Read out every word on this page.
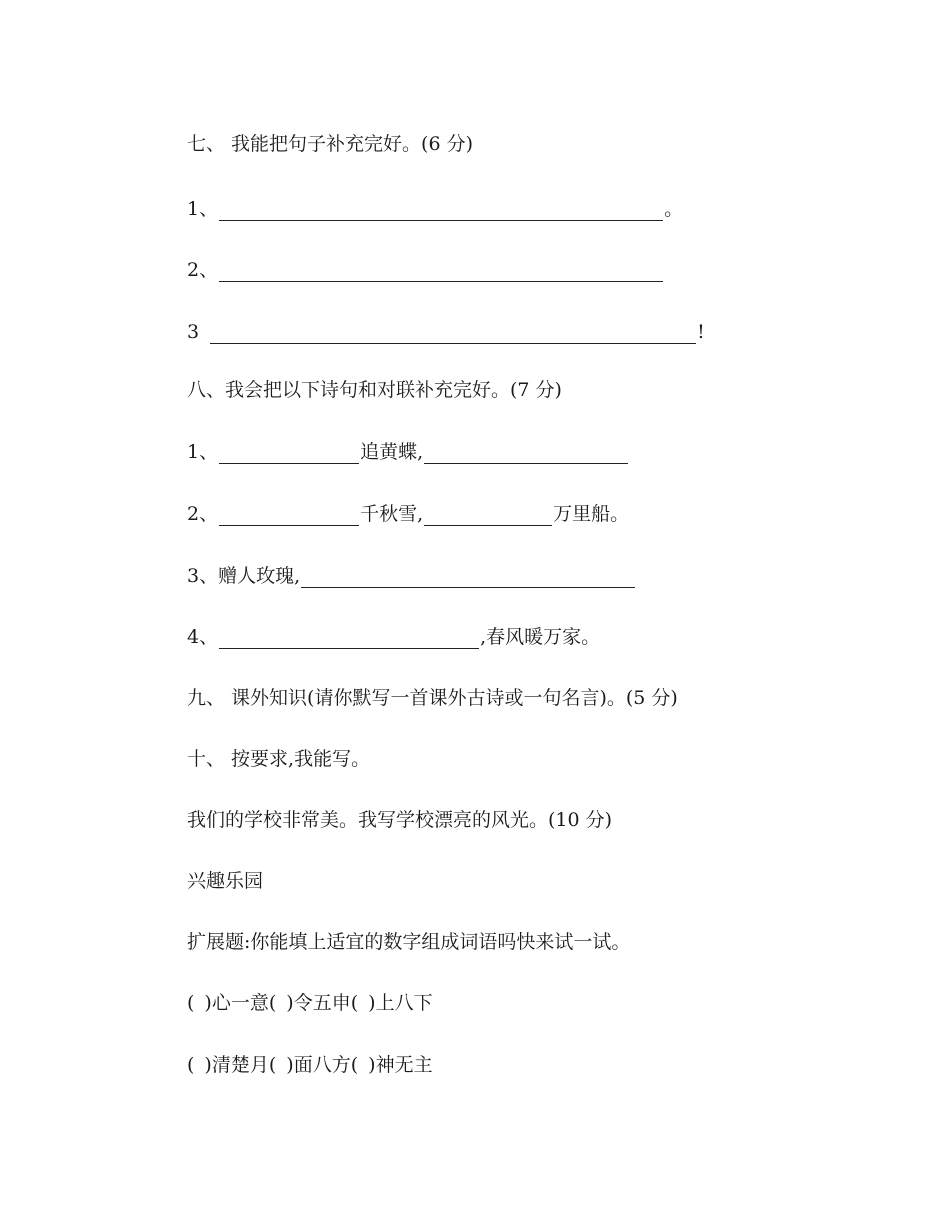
七、 我能把句子补充完好。(6 分)
1、	。
2、
3	!
八、我会把以下诗句和对联补充完好。(7 分)
1、	追黄蝶,
2、	千秋雪,	万里船。
3、赠人玫瑰,
4、	,春风暖万家。
九、 课外知识(请你默写一首课外古诗或一句名言)。(5 分)
十、 按要求,我能写。
我们的学校非常美。我写学校漂亮的风光。(10 分)
兴趣乐园
扩展题:你能填上适宜的数字组成词语吗快来试一试。
( ) 心一意 ( ) 令五申 ( ) 上八下
( ) 清楚月 ( ) 面八方 ( ) 神无主
